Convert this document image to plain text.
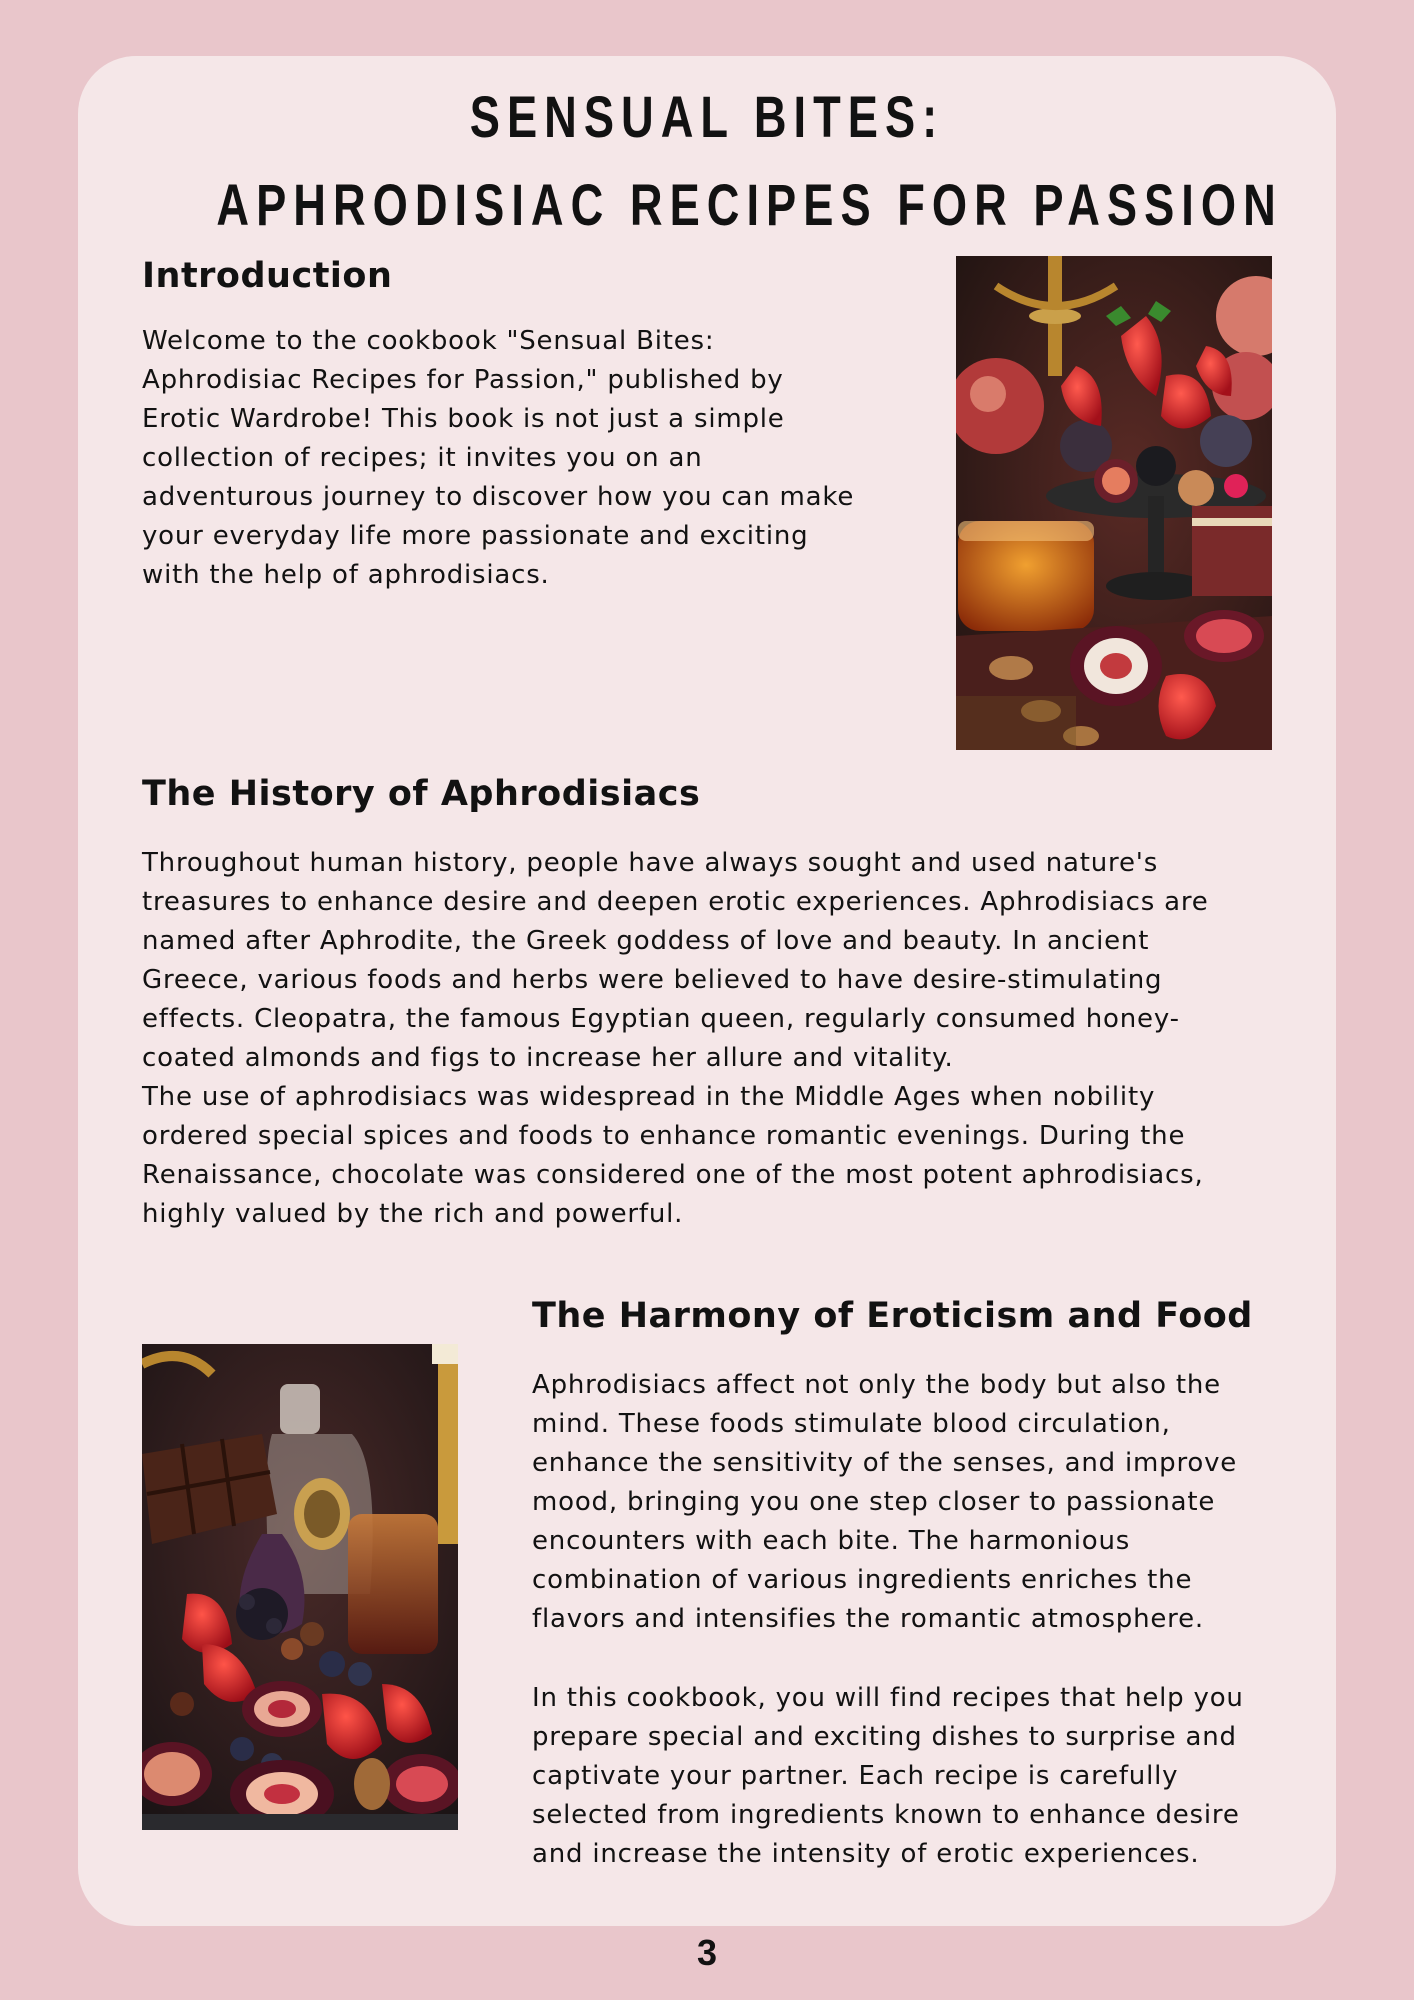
SENSUAL BITES:
APHRODISIAC RECIPES FOR PASSION
Introduction

Welcome to the cookbook "Sensual Bites:
Aphrodisiac Recipes for Passion," published by
Erotic Wardrobe! This book is not just a simple
collection of recipes; it invites you on an
adventurous journey to discover how you can make
your everyday life more passionate and exciting
with the help of aphrodisiacs.

The History of Aphrodisiacs

Throughout human history, people have always sought and used nature's
treasures to enhance desire and deepen erotic experiences. Aphrodisiacs are
named after Aphrodite, the Greek goddess of love and beauty. In ancient
Greece, various foods and herbs were believed to have desire-stimulating
effects. Cleopatra, the famous Egyptian queen, regularly consumed honey-
coated almonds and figs to increase her allure and vitality.
The use of aphrodisiacs was widespread in the Middle Ages when nobility
ordered special spices and foods to enhance romantic evenings. During the
Renaissance, chocolate was considered one of the most potent aphrodisiacs,
highly valued by the rich and powerful.

The Harmony of Eroticism and Food

Aphrodisiacs affect not only the body but also the
mind. These foods stimulate blood circulation,
enhance the sensitivity of the senses, and improve
mood, bringing you one step closer to passionate
encounters with each bite. The harmonious
combination of various ingredients enriches the
flavors and intensifies the romantic atmosphere.

In this cookbook, you will find recipes that help you
prepare special and exciting dishes to surprise and
captivate your partner. Each recipe is carefully
selected from ingredients known to enhance desire
and increase the intensity of erotic experiences.

3
